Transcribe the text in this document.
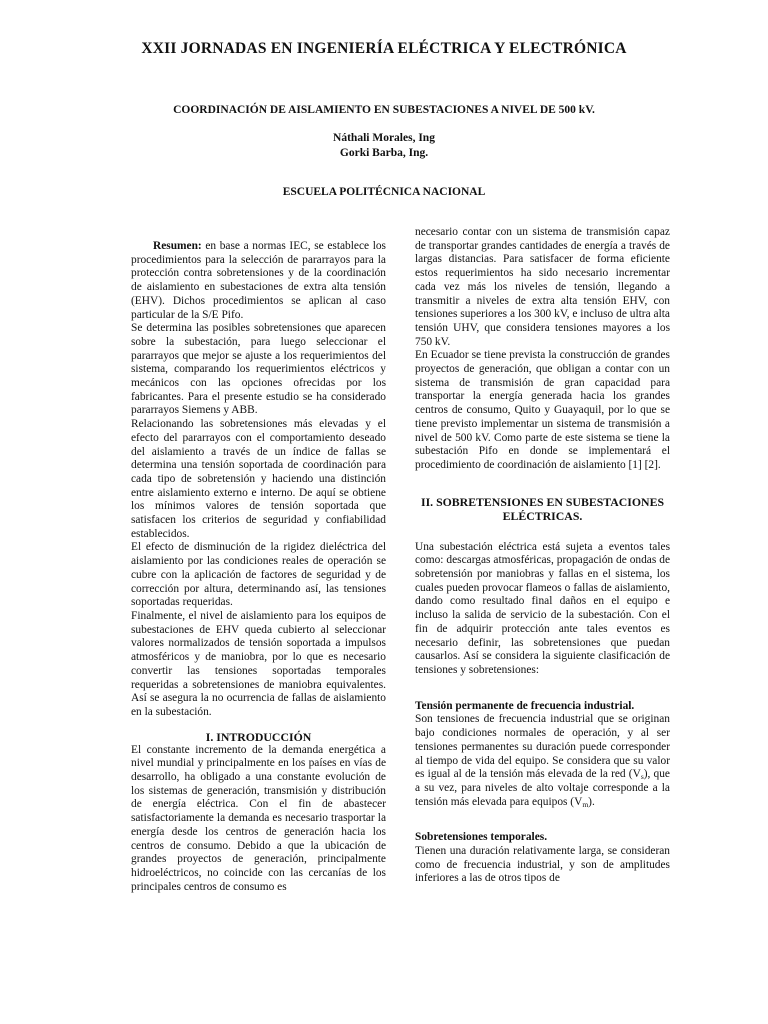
XXII JORNADAS EN INGENIERÍA ELÉCTRICA Y ELECTRÓNICA
COORDINACIÓN DE AISLAMIENTO EN SUBESTACIONES A NIVEL DE 500 kV.
Náthali Morales, Ing
Gorki Barba, Ing.
ESCUELA POLITÉCNICA NACIONAL

Resumen: en base a normas IEC, se establece los procedimientos para la selección de pararrayos para la protección contra sobretensiones y de la coordinación de aislamiento en subestaciones de extra alta tensión (EHV). Dichos procedimientos se aplican al caso particular de la S/E Pifo.

Se determina las posibles sobretensiones que aparecen sobre la subestación, para luego seleccionar el pararrayos que mejor se ajuste a los requerimientos del sistema, comparando los requerimientos eléctricos y mecánicos con las opciones ofrecidas por los fabricantes. Para el presente estudio se ha considerado pararrayos Siemens y ABB.

Relacionando las sobretensiones más elevadas y el efecto del pararrayos con el comportamiento deseado del aislamiento a través de un índice de fallas se determina una tensión soportada de coordinación para cada tipo de sobretensión y haciendo una distinción entre aislamiento externo e interno. De aquí se obtiene los mínimos valores de tensión soportada que satisfacen los criterios de seguridad y confiabilidad establecidos.

El efecto de disminución de la rigidez dieléctrica del aislamiento por las condiciones reales de operación se cubre con la aplicación de factores de seguridad y de corrección por altura, determinando así, las tensiones soportadas requeridas.

Finalmente, el nivel de aislamiento para los equipos de subestaciones de EHV queda cubierto al seleccionar valores normalizados de tensión soportada a impulsos atmosféricos y de maniobra, por lo que es necesario convertir las tensiones soportadas temporales requeridas a sobretensiones de maniobra equivalentes. Así se asegura la no ocurrencia de fallas de aislamiento en la subestación.

I. INTRODUCCIÓN

El constante incremento de la demanda energética a nivel mundial y principalmente en los países en vías de desarrollo, ha obligado a una constante evolución de los sistemas de generación, transmisión y distribución de energía eléctrica. Con el fin de abastecer satisfactoriamente la demanda es necesario trasportar la energía desde los centros de generación hacia los centros de consumo. Debido a que la ubicación de grandes proyectos de generación, principalmente hidroeléctricos, no coincide con las cercanías de los principales centros de consumo es

necesario contar con un sistema de transmisión capaz de transportar grandes cantidades de energía a través de largas distancias. Para satisfacer de forma eficiente estos requerimientos ha sido necesario incrementar cada vez más los niveles de tensión, llegando a transmitir a niveles de extra alta tensión EHV, con tensiones superiores a los 300 kV, e incluso de ultra alta tensión UHV, que considera tensiones mayores a los 750 kV.

En Ecuador se tiene prevista la construcción de grandes proyectos de generación, que obligan a contar con un sistema de transmisión de gran capacidad para transportar la energía generada hacia los grandes centros de consumo, Quito y Guayaquil, por lo que se tiene previsto implementar un sistema de transmisión a nivel de 500 kV. Como parte de este sistema se tiene la subestación Pifo en donde se implementará el procedimiento de coordinación de aislamiento [1] [2].

II. SOBRETENSIONES EN SUBESTACIONES
ELÉCTRICAS.

Una subestación eléctrica está sujeta a eventos tales como: descargas atmosféricas, propagación de ondas de sobretensión por maniobras y fallas en el sistema, los cuales pueden provocar flameos o fallas de aislamiento, dando como resultado final daños en el equipo e incluso la salida de servicio de la subestación. Con el fin de adquirir protección ante tales eventos es necesario definir, las sobretensiones que puedan causarlos. Así se considera la siguiente clasificación de tensiones y sobretensiones:

Tensión permanente de frecuencia industrial.

Son tensiones de frecuencia industrial que se originan bajo condiciones normales de operación, y al ser tensiones permanentes su duración puede corresponder al tiempo de vida del equipo. Se considera que su valor es igual al de la tensión más elevada de la red $(V_s)$, que a su vez, para niveles de alto voltaje corresponde a la tensión más elevada para equipos $(V_m)$.

Sobretensiones temporales.

Tienen una duración relativamente larga, se consideran como de frecuencia industrial, y son de amplitudes inferiores a las de otros tipos de
